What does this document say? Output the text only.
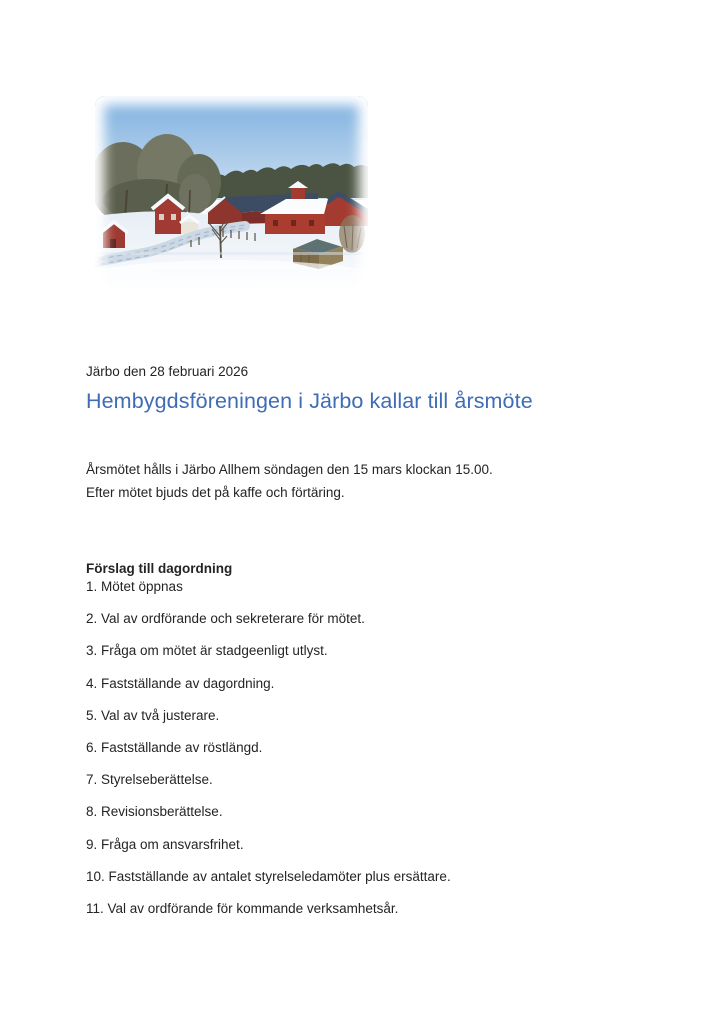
Järbo den 28 februari 2026

Hembygdsföreningen i Järbo kallar till årsmöte

Årsmötet hålls i Järbo Allhem söndagen den 15 mars klockan 15.00.

Efter mötet bjuds det på kaffe och förtäring.

Förslag till dagordning

1. Mötet öppnas

2. Val av ordförande och sekreterare för mötet.

3. Fråga om mötet är stadgeenligt utlyst.

4. Fastställande av dagordning.

5. Val av två justerare.

6. Fastställande av röstlängd.

7. Styrelseberättelse.

8. Revisionsberättelse.

9. Fråga om ansvarsfrihet.

10. Fastställande av antalet styrelseledamöter plus ersättare.

11. Val av ordförande för kommande verksamhetsår.
